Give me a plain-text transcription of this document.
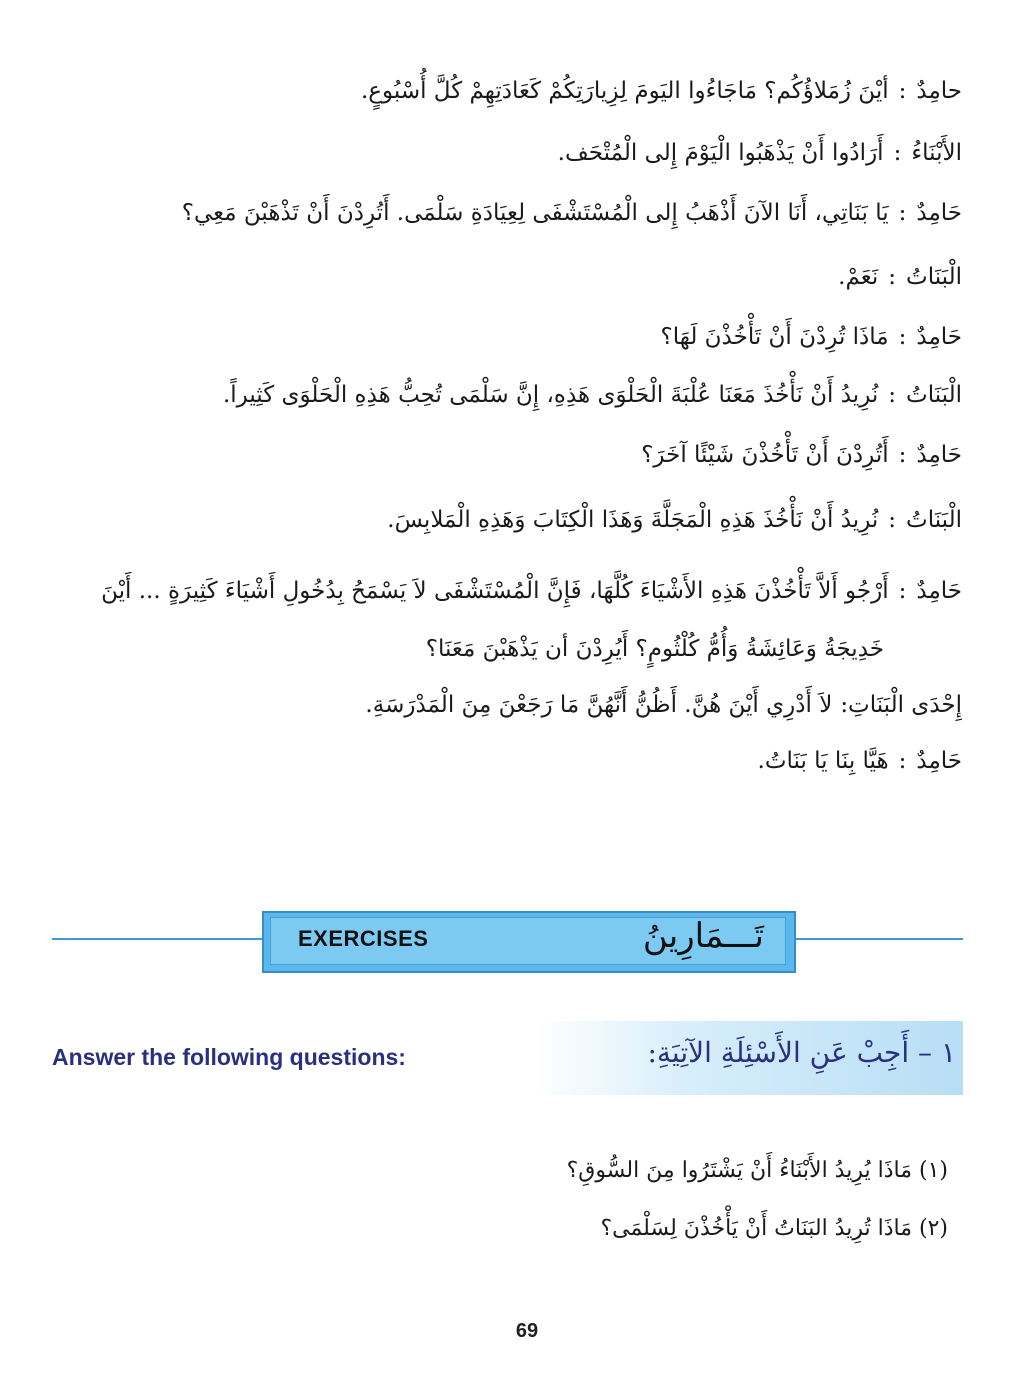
حامِدٌ:أيْنَ زُمَلاؤُكُم؟ مَاجَاءُوا اليَومَ لِزِيارَتِكُمْ كَعَادَتِهِمْ كُلَّ أُسْبُوعٍ.
الأَبْنَاءُ:أَرَادُوا أَنْ يَذْهَبُوا الْيَوْمَ إِلى الْمُتْحَف.
حَامِدٌ:يَا بَنَاتِي، أَنَا الآنَ أَذْهَبُ إِلى الْمُسْتَشْفَى لِعِيَادَةِ سَلْمَى. أَتُرِدْنَ أَنْ تَذْهَبْنَ مَعِي؟
الْبَنَاتُ:نَعَمْ.
حَامِدٌ:مَاذَا تُرِدْنَ أَنْ تَأْخُذْنَ لَهَا؟
الْبَنَاتُ:نُرِيدُ أَنْ نَأْخُذَ مَعَنَا عُلْبَةَ الْحَلْوَى هَذِهِ، إِنَّ سَلْمَى تُحِبُّ هَذِهِ الْحَلْوَى كَثِيراً.
حَامِدٌ:أَتُرِدْنَ أَنْ تَأْخُذْنَ شَيْئًا آخَرَ؟
الْبَنَاتُ:نُرِيدُ أَنْ نَأْخُذَ هَذِهِ الْمَجَلَّةَ وَهَذَا الْكِتَابَ وَهَذِهِ الْمَلابِسَ.
حَامِدٌ:أَرْجُو أَلاَّ تَأْخُذْنَ هَذِهِ الأَشْيَاءَ كُلَّهَا، فَإِنَّ الْمُسْتَشْفَى لاَ يَسْمَحُ بِدُخُولِ أَشْيَاءَ كَثِيرَةٍ ... أَيْنَ
خَدِيجَةُ وَعَائِشَةُ وَأُمُّ كُلْثُومٍ؟ أَيُرِدْنَ أن يَذْهَبْنَ مَعَنَا؟
إِحْدَى الْبَنَاتِ:لاَ أَدْرِي أَيْنَ هُنَّ. أَظُنُّ أَنَّهُنَّ مَا رَجَعْنَ مِنَ الْمَدْرَسَةِ.
حَامِدٌ:هَيَّا بِنَا يَا بَنَاتُ.
EXERCISES	تَـــمَارِينُ
Answer the following questions:	١ – أَجِبْ عَنِ الأَسْئِلَةِ الآتِيَةِ:
(١) مَاذَا يُرِيدُ الأَبْنَاءُ أَنْ يَشْتَرُوا مِنَ السُّوقِ؟
(٢) مَاذَا تُرِيدُ البَنَاتُ أَنْ يَأْخُذْنَ لِسَلْمَى؟
69
